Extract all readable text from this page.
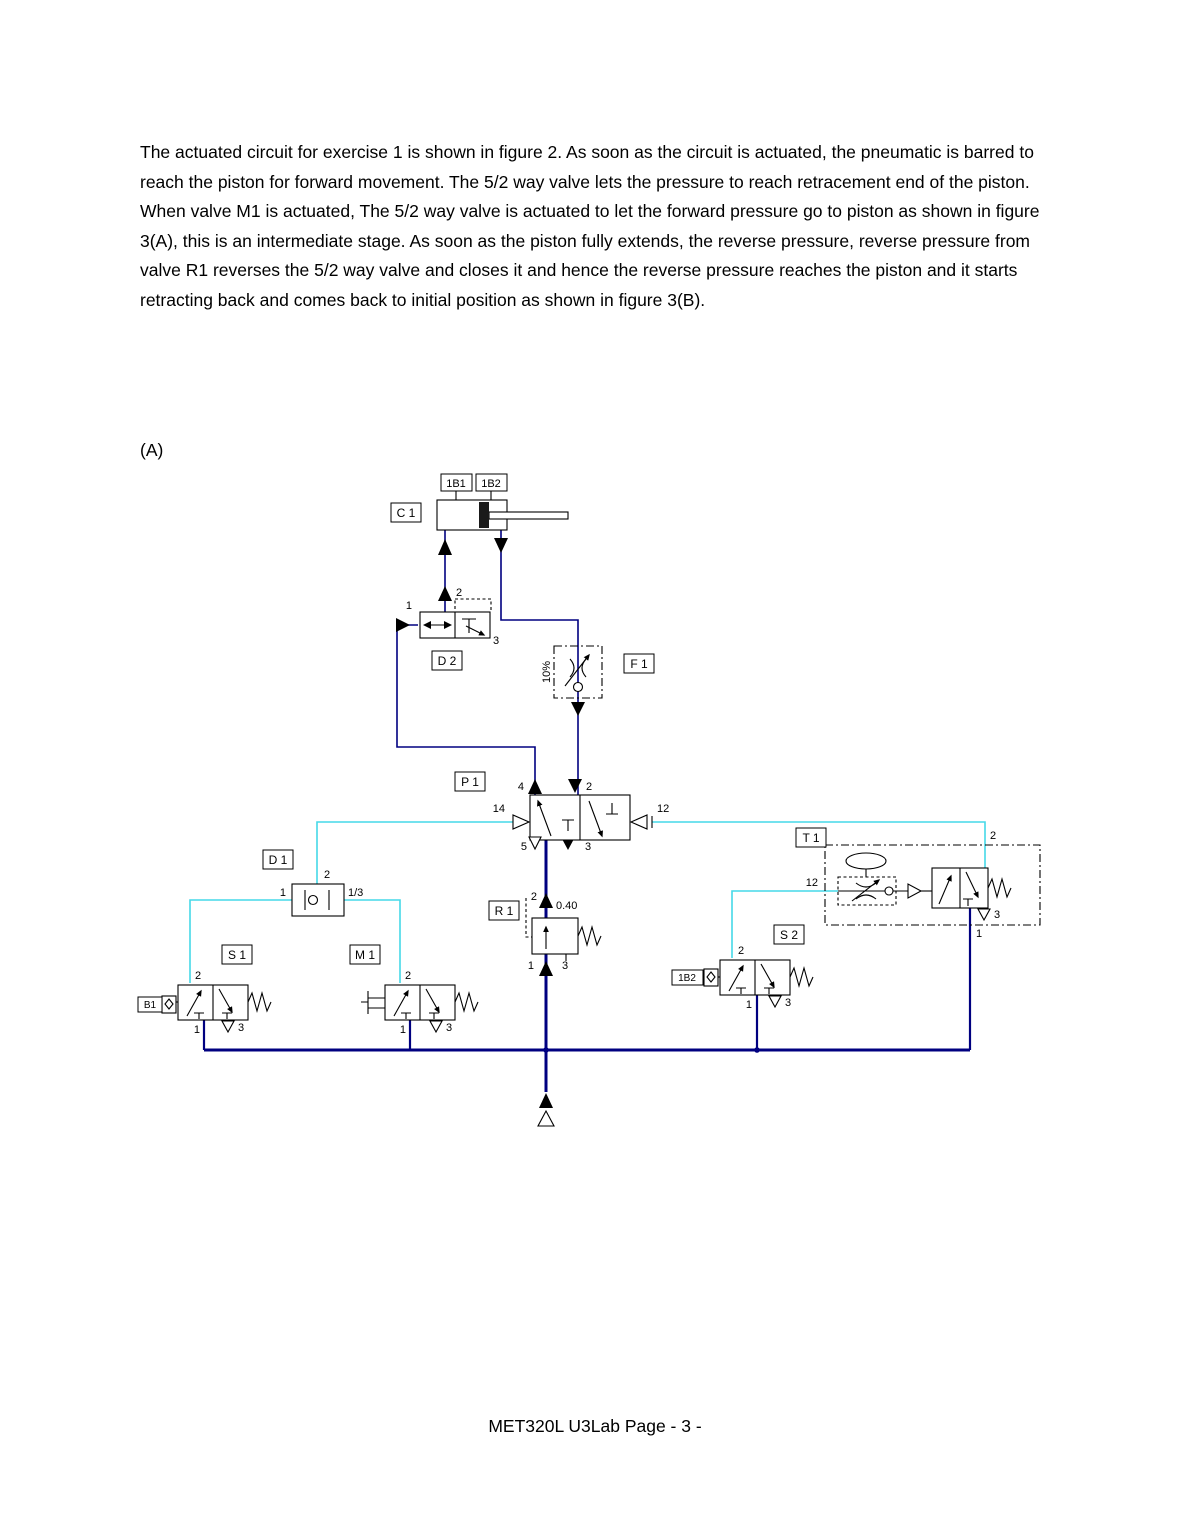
The actuated circuit for exercise 1 is shown in figure 2. As soon as the circuit is actuated, the pneumatic is barred to reach the piston for forward movement. The 5/2 way valve lets the pressure to reach retracement end of the piston.

When valve M1 is actuated, The 5/2 way valve is actuated to let the forward pressure go to piston as shown in figure 3(A), this is an intermediate stage. As soon as the piston fully extends, the reverse pressure, reverse pressure from valve R1 reverses the 5/2 way valve and closes it and hence the reverse pressure reaches the piston and it starts retracting back and comes back to initial position as shown in figure 3(B).

(A)
10%
C 1
D 2	F 1
P 1
T 1
D 1
R 1
S 1	M 1
S 2
1B1 1B2
B1
1B2
1
2
3
4	2
14	12
5	3
12
2
3
1
2
1	1/3	2
0.40
1	3
2
1	3
2
1	3
2
1	3
MET320L U3Lab Page - 3 -
